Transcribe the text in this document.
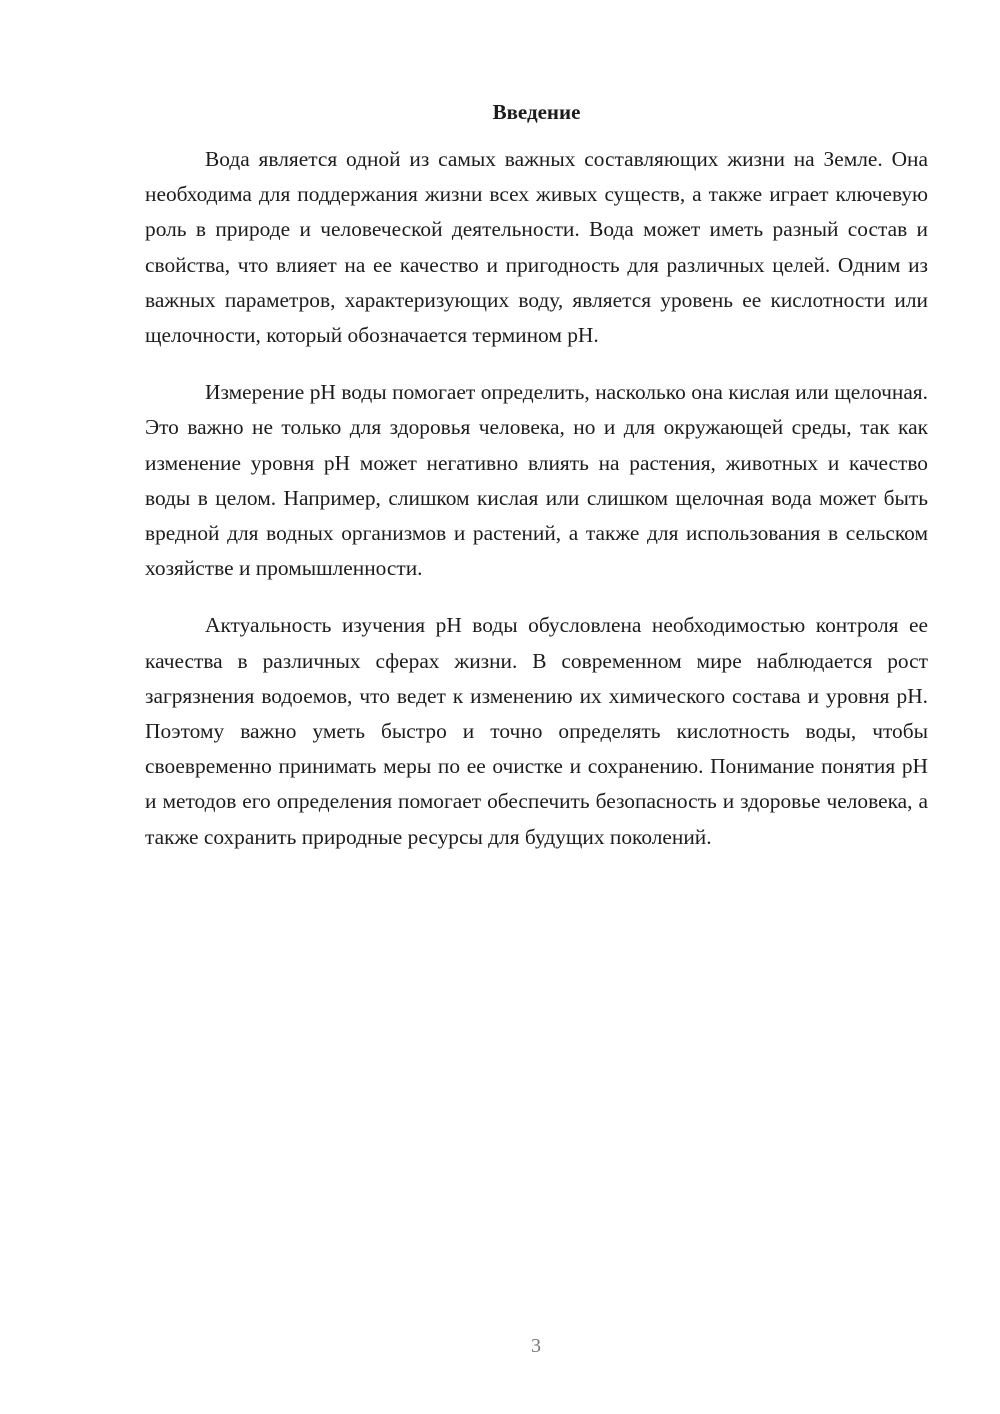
Введение

Вода является одной из самых важных составляющих жизни на Земле. Она необходима для поддержания жизни всех живых существ, а также играет ключевую роль в природе и человеческой деятельности. Вода может иметь разный состав и свойства, что влияет на ее качество и пригодность для различных целей. Одним из важных параметров, характеризующих воду, является уровень ее кислотности или щелочности, который обозначается термином pH.

Измерение pH воды помогает определить, насколько она кислая или щелочная. Это важно не только для здоровья человека, но и для окружающей среды, так как изменение уровня pH может негативно влиять на растения, животных и качество воды в целом. Например, слишком кислая или слишком щелочная вода может быть вредной для водных организмов и растений, а также для использования в сельском хозяйстве и промышленности.

Актуальность изучения pH воды обусловлена необходимостью контроля ее качества в различных сферах жизни. В современном мире наблюдается рост загрязнения водоемов, что ведет к изменению их химического состава и уровня pH. Поэтому важно уметь быстро и точно определять кислотность воды, чтобы своевременно принимать меры по ее очистке и сохранению. Понимание понятия pH и методов его определения помогает обеспечить безопасность и здоровье человека, а также сохранить природные ресурсы для будущих поколений.

3
